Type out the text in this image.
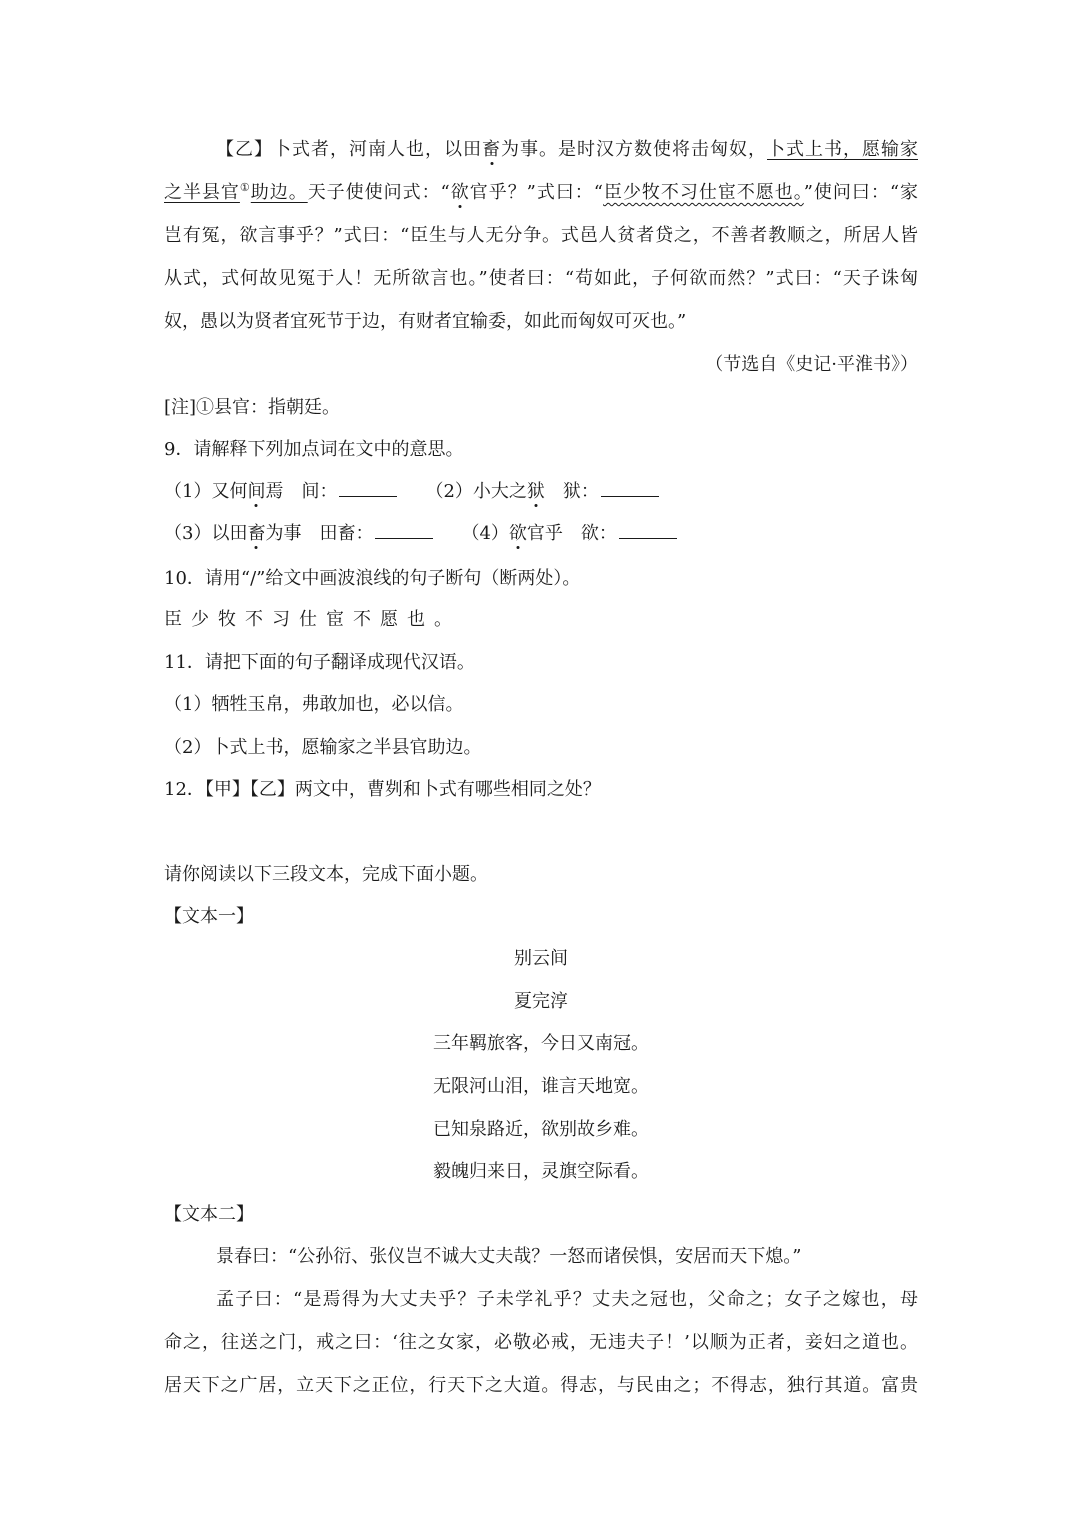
【乙】卜式者，河南人也，以田畜为事。是时汉方数使将击匈奴，卜式上书，愿输家
之半县官①助边。天子使使问式：“欲官乎？”式曰：“臣少牧不习仕宦不愿也。”使问曰：“家
岂有冤，欲言事乎？”式曰：“臣生与人无分争。式邑人贫者贷之，不善者教顺之，所居人皆
从式，式何故见冤于人！无所欲言也。”使者曰：“苟如此，子何欲而然？”式曰：“天子诛匈
奴，愚以为贤者宜死节于边，有财者宜输委，如此而匈奴可灭也。”
（节选自《史记·平淮书》）
[注]①县官：指朝廷。
9．请解释下列加点词在文中的意思。
（1）又何间焉　间：	（2）小大之狱　狱：
（3）以田畜为事　田畜：	（4）欲官乎　欲：
10．请用“/”给文中画波浪线的句子断句（断两处）。
臣少牧不习仕宦不愿也。
11．请把下面的句子翻译成现代汉语。
（1）牺牲玉帛，弗敢加也，必以信。
（2）卜式上书，愿输家之半县官助边。
12．【甲】【乙】两文中，曹刿和卜式有哪些相同之处？
请你阅读以下三段文本，完成下面小题。
【文本一】
别云间
夏完淳
三年羁旅客，今日又南冠。
无限河山泪，谁言天地宽。
已知泉路近，欲别故乡难。
毅魄归来日，灵旗空际看。
【文本二】
景春曰：“公孙衍、张仪岂不诚大丈夫哉？一怒而诸侯惧，安居而天下熄。”
孟子曰：“是焉得为大丈夫乎？子未学礼乎？丈夫之冠也，父命之；女子之嫁也，母
命之，往送之门，戒之曰：‘往之女家，必敬必戒，无违夫子！’以顺为正者，妾妇之道也。
居天下之广居，立天下之正位，行天下之大道。得志，与民由之；不得志，独行其道。富贵
